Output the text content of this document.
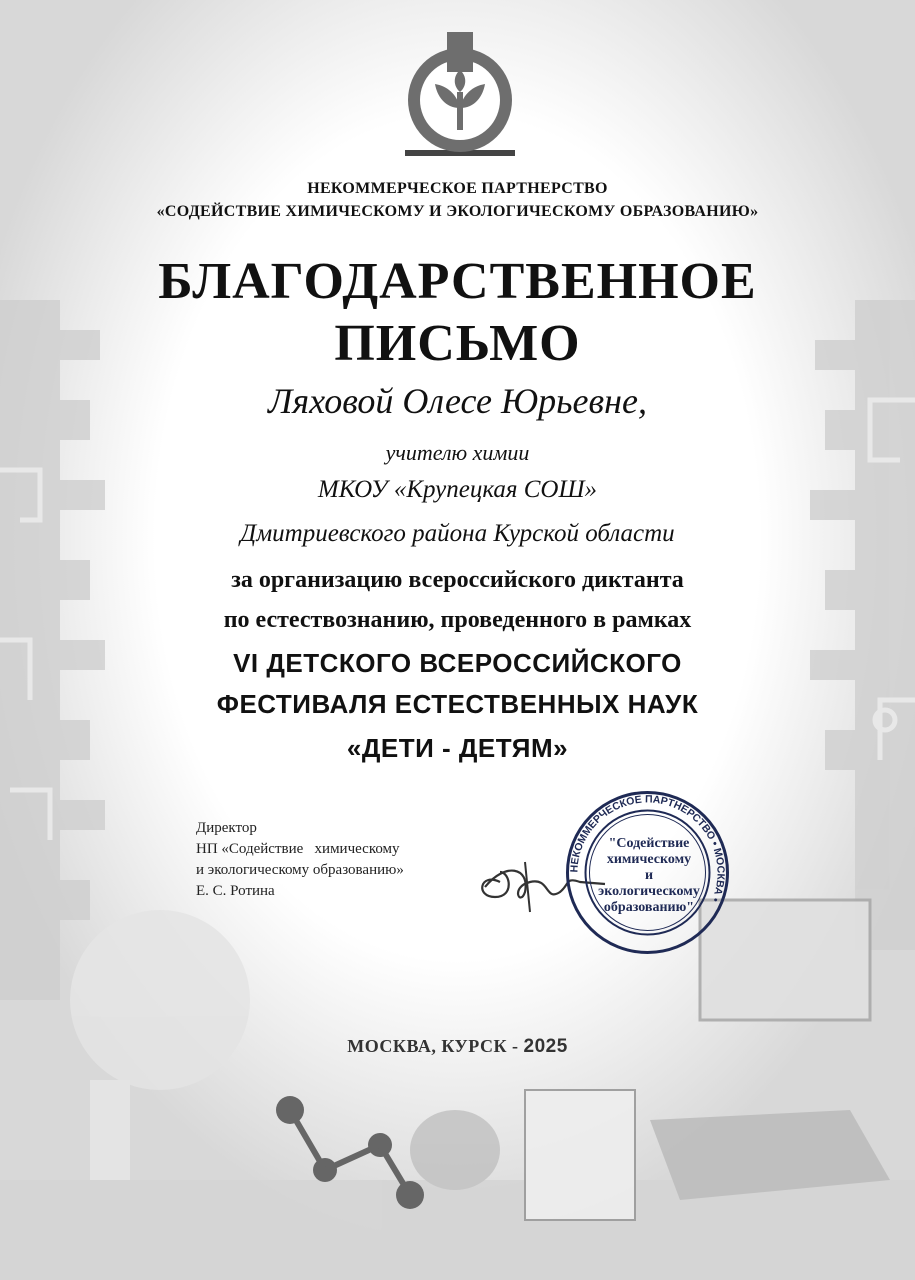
НЕКОММЕРЧЕСКОЕ ПАРТНЕРСТВО
«СОДЕЙСТВИЕ ХИМИЧЕСКОМУ И ЭКОЛОГИЧЕСКОМУ ОБРАЗОВАНИЮ»
БЛАГОДАРСТВЕННОЕ
ПИСЬМО
Ляховой Олесе Юрьевне,
учителю химии
МКОУ «Крупецкая СОШ»
Дмитриевского района Курской области
за организацию всероссийского диктанта
по естествознанию, проведенного в рамках
VI ДЕТСКОГО ВСЕРОССИЙСКОГО
ФЕСТИВАЛЯ ЕСТЕСТВЕННЫХ НАУК
«ДЕТИ - ДЕТЯМ»
Директор
НП «Содействие   химическому
и экологическому образованию»
Е. С. Ротина
НЕКОММЕРЧЕСКОЕ ПАРТНЕРСТВО • МОСКВА •
"Содействие
химическому
и экологическому
образованию"
МОСКВА, КУРСК - 2025
